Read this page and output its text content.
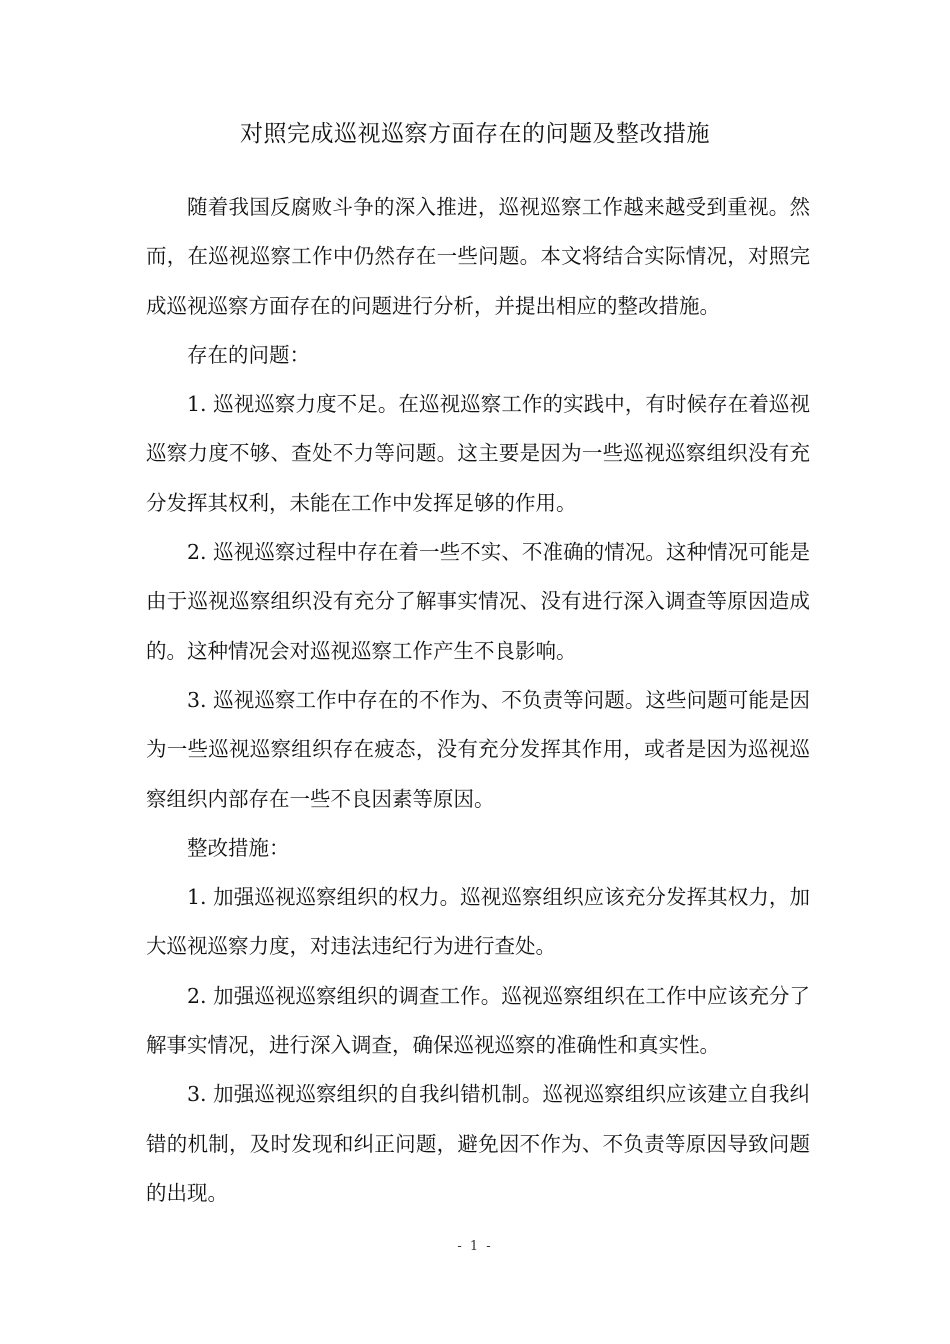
对照完成巡视巡察方面存在的问题及整改措施

随着我国反腐败斗争的深入推进，巡视巡察工作越来越受到重视。然而，在巡视巡察工作中仍然存在一些问题。本文将结合实际情况，对照完成巡视巡察方面存在的问题进行分析，并提出相应的整改措施。

存在的问题：

1. 巡视巡察力度不足。在巡视巡察工作的实践中，有时候存在着巡视巡察力度不够、查处不力等问题。这主要是因为一些巡视巡察组织没有充分发挥其权利，未能在工作中发挥足够的作用。

2. 巡视巡察过程中存在着一些不实、不准确的情况。这种情况可能是由于巡视巡察组织没有充分了解事实情况、没有进行深入调查等原因造成的。这种情况会对巡视巡察工作产生不良影响。

3. 巡视巡察工作中存在的不作为、不负责等问题。这些问题可能是因为一些巡视巡察组织存在疲态，没有充分发挥其作用，或者是因为巡视巡察组织内部存在一些不良因素等原因。

整改措施：

1. 加强巡视巡察组织的权力。巡视巡察组织应该充分发挥其权力，加大巡视巡察力度，对违法违纪行为进行查处。

2. 加强巡视巡察组织的调查工作。巡视巡察组织在工作中应该充分了解事实情况，进行深入调查，确保巡视巡察的准确性和真实性。

3. 加强巡视巡察组织的自我纠错机制。巡视巡察组织应该建立自我纠错的机制，及时发现和纠正问题，避免因不作为、不负责等原因导致问题的出现。

- 1 -
